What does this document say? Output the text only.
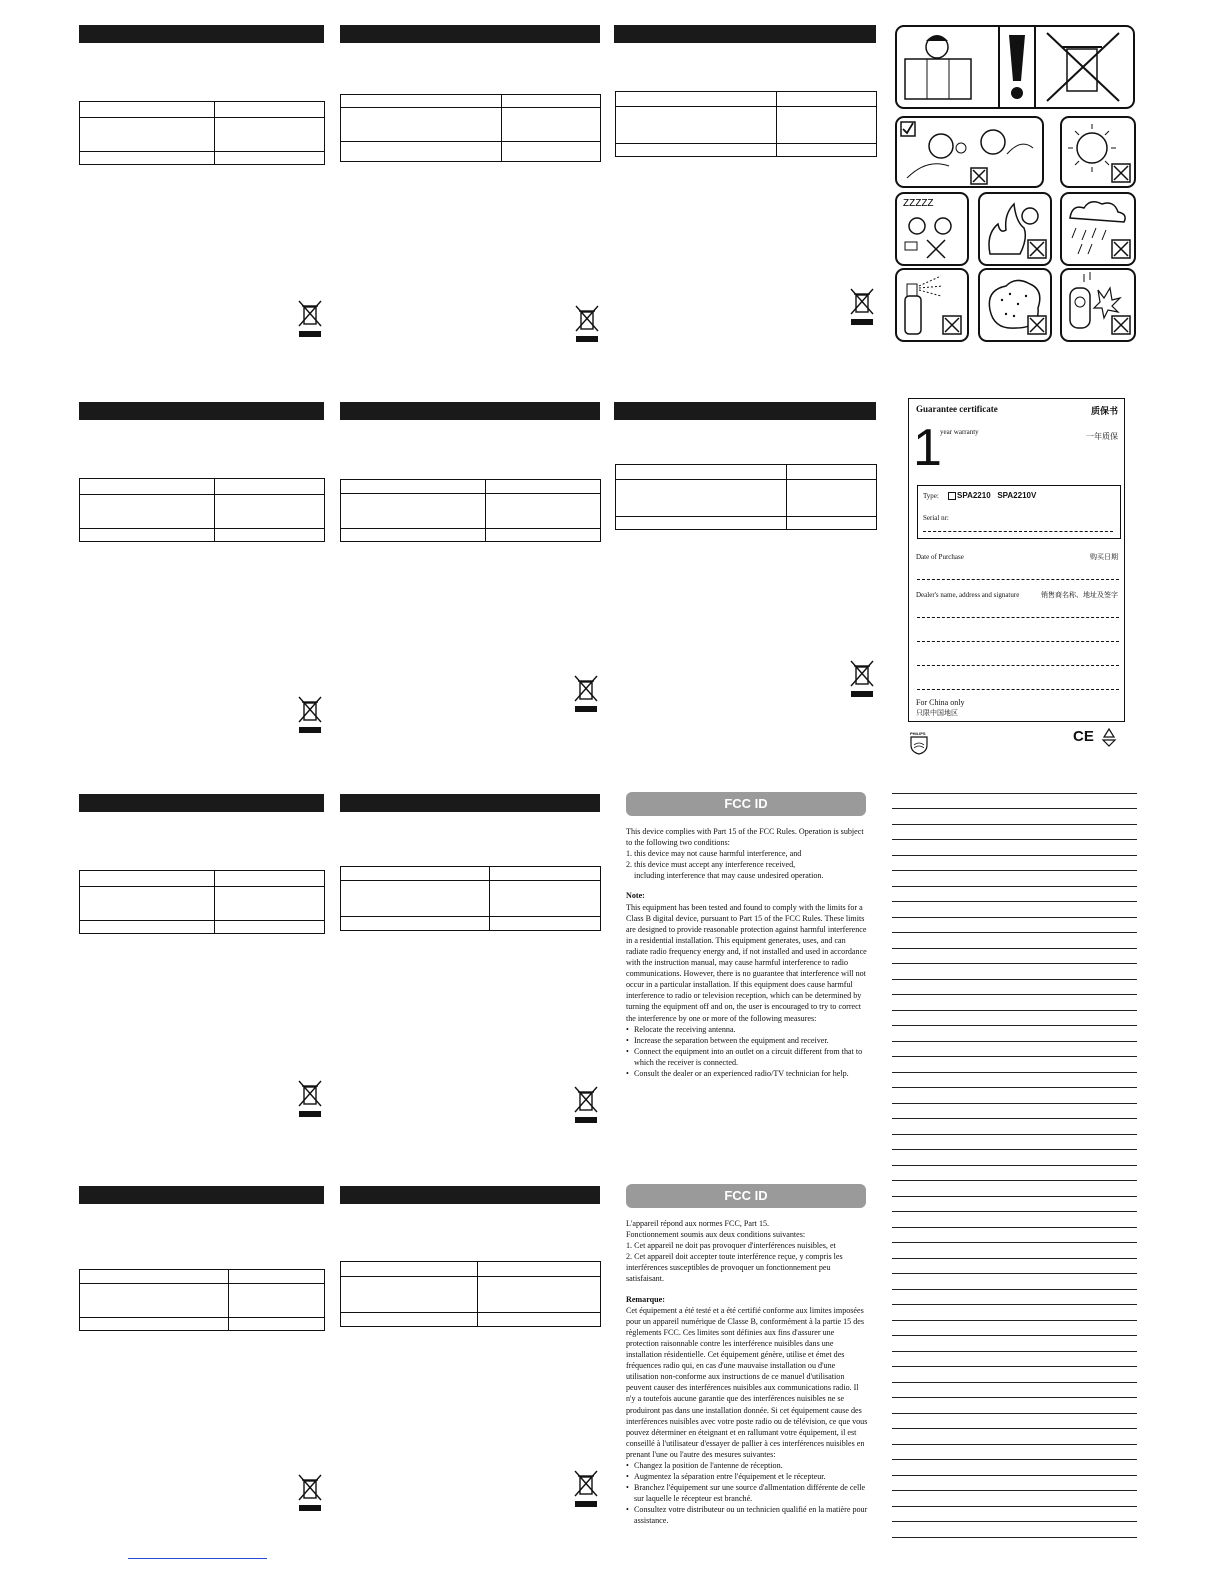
FCC ID

This device complies with Part 15 of the FCC Rules. Operation is subject to the following two conditions:

1. this device may not cause harmful interference, and

2. this device must accept any interference received,

including interference that may cause undesired operation.

Note:

This equipment has been tested and found to comply with the limits for a Class B digital device, pursuant to Part 15 of the FCC Rules. These limits are designed to provide reasonable protection against harmful interference in a residential installation. This equipment generates, uses, and can radiate radio frequency energy and, if not installed and used in accordance with the instruction manual, may cause harmful interference to radio communications. However, there is no guarantee that interference will not occur in a particular installation. If this equipment does cause harmful interference to radio or television reception, which can be determined by turning the equipment off and on, the user is encouraged to try to correct the interference by one or more of the following measures:

• Relocate the receiving antenna.
• Increase the separation between the equipment and receiver.
• Connect the equipment into an outlet on a circuit different from that to which the receiver is connected.
• Consult the dealer or an experienced radio/TV technician for help.
FCC ID

L'appareil répond aux normes FCC, Part 15.

Fonctionnement soumis aux deux conditions suivantes:

1. Cet appareil ne doit pas provoquer d'interférences nuisibles, et

2. Cet appareil doit accepter toute interférence reçue, y compris les interférences susceptibles de provoquer un fonctionnement peu satisfaisant.

Remarque:

Cet équipement a été testé et a été certifié conforme aux limites imposées pour un appareil numérique de Classe B, conformément à la partie 15 des règlements FCC. Ces limites sont définies aux fins d'assurer une protection raisonnable contre les interférence nuisibles dans une installation résidentielle. Cet équipement génère, utilise et émet des fréquences radio qui, en cas d'une mauvaise installation ou d'une utilisation non-conforme aux instructions de ce manuel d'utilisation peuvent causer des interférences nuisibles aux communications radio. Il n'y a toutefois aucune garantie que des interférences nuisibles ne se produiront pas dans une installation donnée. Si cet équipement cause des interférences nuisibles avec votre poste radio ou de télévision, ce que vous pouvez déterminer en éteignant et en rallumant votre équipement, il est conseillé à l'utilisateur d'essayer de pallier à ces interférences nuisibles en prenant l'une ou l'autre des mesures suivantes:

• Changez la position de l'antenne de réception.
• Augmentez la séparation entre l'équipement et le récepteur.
• Branchez l'équipement sur une source d'allmentation différente de celle sur laquelle le récepteur est branché.
• Consultez votre distributeur ou un technicien qualifié en la matière pour assistance.
ZZZZZ
Guarantee certificate	质保书
1
year warranty	一年质保
Type: SPA2210   SPA2210V
Serial nr:
Date of Purchase	购买日期
Dealer's name, address and signature	销售商名称、地址及签字
For China only
只限中国地区
PHILIPS	CE
